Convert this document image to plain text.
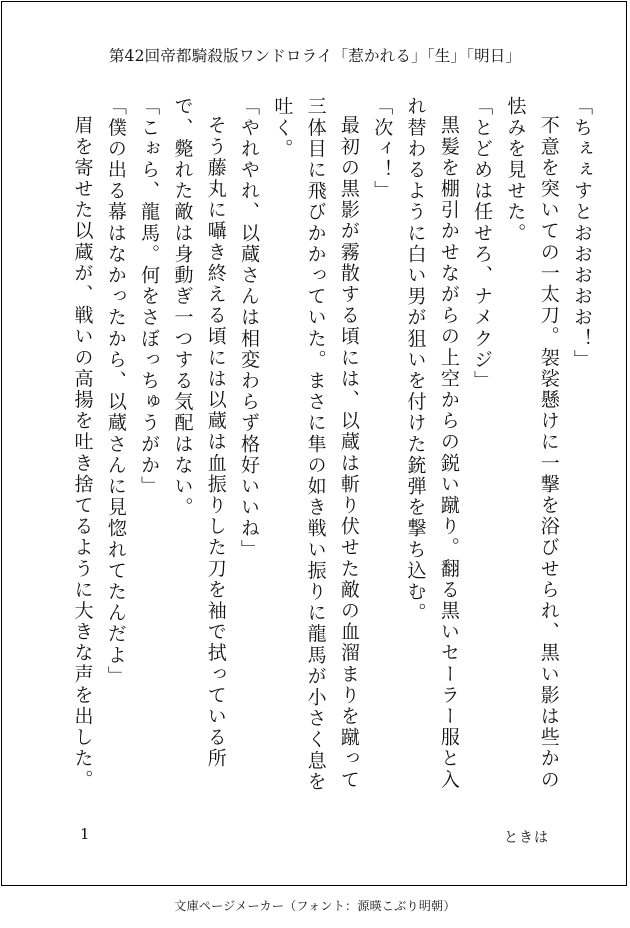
第42回帝都騎殺版ワンドロライ「惹かれる」「生」「明日」

「ちぇぇすとおおおおお！」

不意を突いての一太刀。袈裟懸けに一撃を浴びせられ、黒い影は些かの怯みを見せた。

「とどめは任せろ、ナメクジ」

黒髪を棚引かせながらの上空からの鋭い蹴り。翻る黒いセーラー服と入れ替わるように白い男が狙いを付けた銃弾を撃ち込む。

「次ィ！」

最初の黒影が霧散する頃には、以蔵は斬り伏せた敵の血溜まりを蹴って三体目に飛びかかっていた。まさに隼の如き戦い振りに龍馬が小さく息を吐く。

「やれやれ、以蔵さんは相変わらず格好いいね」

そう藤丸に囁き終える頃には以蔵は血振りした刀を袖で拭っている所で、斃れた敵は身動ぎ一つする気配はない。

「こぉら、龍馬。何をさぼっちゅうがか」

「僕の出る幕はなかったから、以蔵さんに見惚れてたんだよ」

眉を寄せた以蔵が、戦いの高揚を吐き捨てるように大きな声を出した。

1	ときは
文庫ページメーカー（フォント：源暎こぶり明朝）
